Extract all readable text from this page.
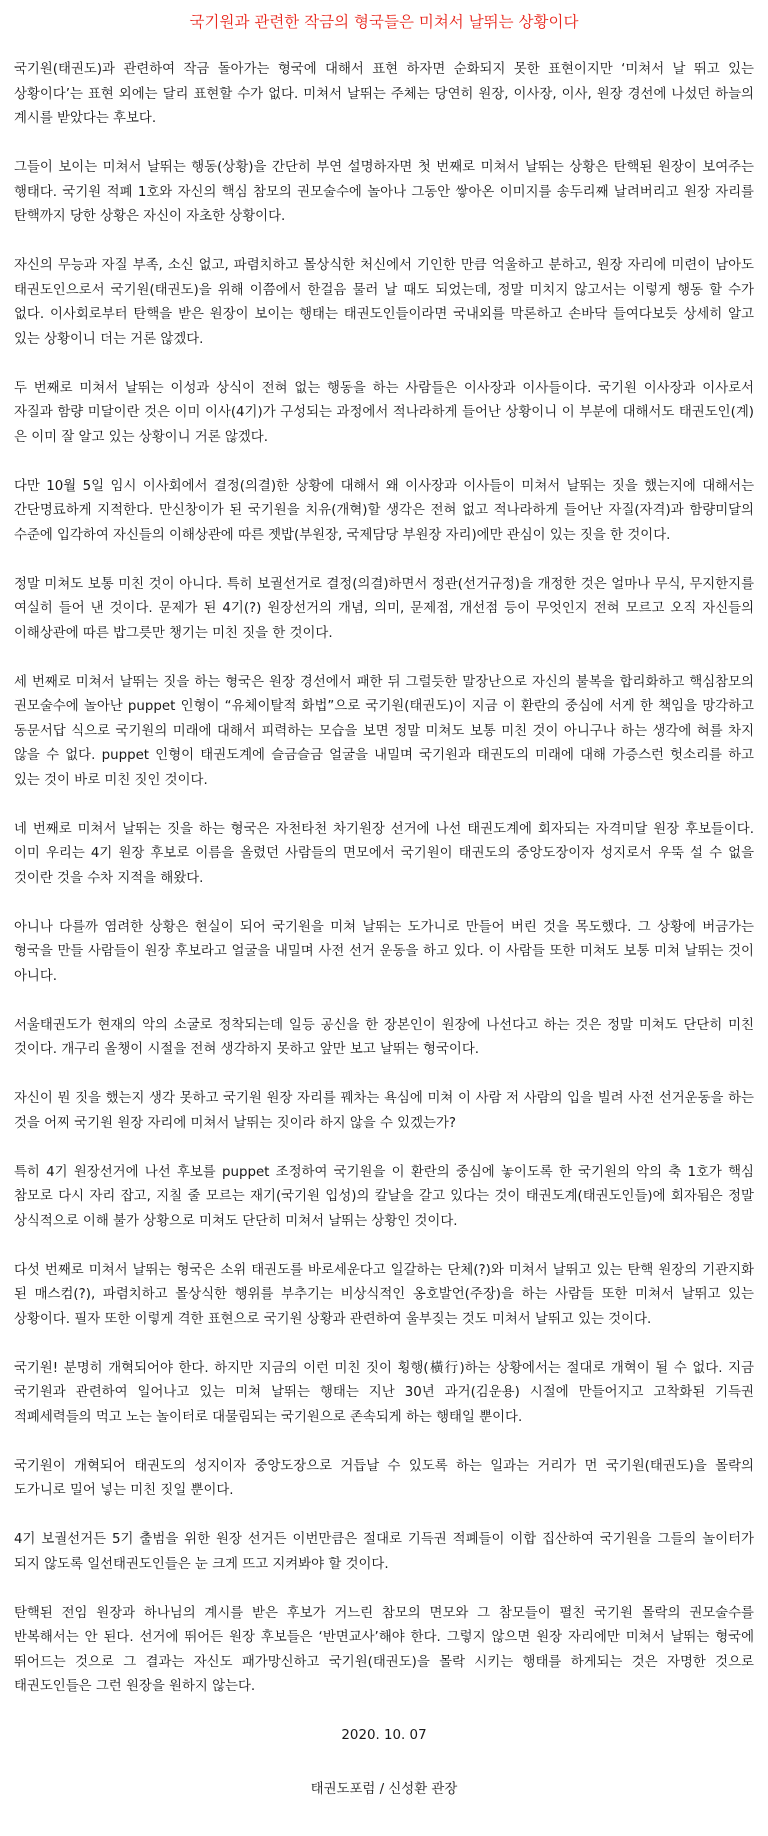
국기원과 관련한 작금의 형국들은 미쳐서 날뛰는 상황이다

국기원(태권도)과 관련하여 작금 돌아가는 형국에 대해서 표현 하자면 순화되지 못한 표현이지만 ‘미쳐서 날 뛰고 있는 상황이다’는 표현 외에는 달리 표현할 수가 없다. 미쳐서 날뛰는 주체는 당연히 원장, 이사장, 이사, 원장 경선에 나섰던 하늘의 계시를 받았다는 후보다.

그들이 보이는 미쳐서 날뛰는 행동(상황)을 간단히 부연 설명하자면 첫 번째로 미쳐서 날뛰는 상황은 탄핵된 원장이 보여주는 행태다. 국기원 적폐 1호와 자신의 핵심 참모의 권모술수에 놀아나 그동안 쌓아온 이미지를 송두리째 날려버리고 원장 자리를 탄핵까지 당한 상황은 자신이 자초한 상황이다.

자신의 무능과 자질 부족, 소신 없고, 파렴치하고 몰상식한 처신에서 기인한 만큼 억울하고 분하고, 원장 자리에 미련이 남아도 태권도인으로서 국기원(태권도)을 위해 이쯤에서 한걸음 물러 날 때도 되었는데, 정말 미치지 않고서는 이렇게 행동 할 수가 없다. 이사회로부터 탄핵을 받은 원장이 보이는 행태는 태권도인들이라면 국내외를 막론하고 손바닥 들여다보듯 상세히 알고 있는 상황이니 더는 거론 않겠다.

두 번째로 미쳐서 날뛰는 이성과 상식이 전혀 없는 행동을 하는 사람들은 이사장과 이사들이다. 국기원 이사장과 이사로서 자질과 함량 미달이란 것은 이미 이사(4기)가 구성되는 과정에서 적나라하게 들어난 상황이니 이 부분에 대해서도 태권도인(계)은 이미 잘 알고 있는 상황이니 거론 않겠다.

다만 10월 5일 임시 이사회에서 결정(의결)한 상황에 대해서 왜 이사장과 이사들이 미쳐서 날뛰는 짓을 했는지에 대해서는 간단명료하게 지적한다. 만신창이가 된 국기원을 치유(개혁)할 생각은 전혀 없고 적나라하게 들어난 자질(자격)과 함량미달의 수준에 입각하여 자신들의 이해상관에 따른 젯밥(부원장, 국제담당 부원장 자리)에만 관심이 있는 짓을 한 것이다.

정말 미쳐도 보통 미친 것이 아니다. 특히 보궐선거로 결정(의결)하면서 정관(선거규정)을 개정한 것은 얼마나 무식, 무지한지를 여실히 들어 낸 것이다. 문제가 된 4기(?) 원장선거의 개념, 의미, 문제점, 개선점 등이 무엇인지 전혀 모르고 오직 자신들의 이해상관에 따른 밥그릇만 챙기는 미친 짓을 한 것이다.

세 번째로 미쳐서 날뛰는 짓을 하는 형국은 원장 경선에서 패한 뒤 그럴듯한 말장난으로 자신의 불복을 합리화하고 핵심참모의 권모술수에 놀아난 puppet 인형이 “유체이탈적 화법”으로 국기원(태권도)이 지금 이 환란의 중심에 서게 한 책임을 망각하고 동문서답 식으로 국기원의 미래에 대해서 피력하는 모습을 보면 정말 미쳐도 보통 미친 것이 아니구나 하는 생각에 혀를 차지 않을 수 없다. puppet 인형이 태권도계에 슬금슬금 얼굴을 내밀며 국기원과 태권도의 미래에 대해 가증스런 헛소리를 하고 있는 것이 바로 미친 짓인 것이다.

네 번째로 미쳐서 날뛰는 짓을 하는 형국은 자천타천 차기원장 선거에 나선 태권도계에 회자되는 자격미달 원장 후보들이다. 이미 우리는 4기 원장 후보로 이름을 올렸던 사람들의 면모에서 국기원이 태권도의 중앙도장이자 성지로서 우뚝 설 수 없을 것이란 것을 수차 지적을 해왔다.

아니나 다를까 염려한 상황은 현실이 되어 국기원을 미쳐 날뛰는 도가니로 만들어 버린 것을 목도했다. 그 상황에 버금가는 형국을 만들 사람들이 원장 후보라고 얼굴을 내밀며 사전 선거 운동을 하고 있다. 이 사람들 또한 미쳐도 보통 미쳐 날뛰는 것이 아니다.

서울태권도가 현재의 악의 소굴로 정착되는데 일등 공신을 한 장본인이 원장에 나선다고 하는 것은 정말 미쳐도 단단히 미친 것이다. 개구리 올챙이 시절을 전혀 생각하지 못하고 앞만 보고 날뛰는 형국이다.

자신이 뭔 짓을 했는지 생각 못하고 국기원 원장 자리를 꿰차는 욕심에 미쳐 이 사람 저 사람의 입을 빌려 사전 선거운동을 하는 것을 어찌 국기원 원장 자리에 미쳐서 날뛰는 짓이라 하지 않을 수 있겠는가?

특히 4기 원장선거에 나선 후보를 puppet 조정하여 국기원을 이 환란의 중심에 놓이도록 한 국기원의 악의 축 1호가 핵심 참모로 다시 자리 잡고, 지칠 줄 모르는 재기(국기원 입성)의 칼날을 갈고 있다는 것이 태권도계(태권도인들)에 회자됨은 정말 상식적으로 이해 불가 상황으로 미쳐도 단단히 미쳐서 날뛰는 상황인 것이다.

다섯 번째로 미쳐서 날뛰는 형국은 소위 태권도를 바로세운다고 일갈하는 단체(?)와 미쳐서 날뛰고 있는 탄핵 원장의 기관지화 된 매스컴(?), 파렴치하고 몰상식한 행위를 부추기는 비상식적인 옹호발언(주장)을 하는 사람들 또한 미쳐서 날뛰고 있는 상황이다. 필자 또한 이렇게 격한 표현으로 국기원 상황과 관련하여 울부짖는 것도 미쳐서 날뛰고 있는 것이다.

국기원! 분명히 개혁되어야 한다. 하지만 지금의 이런 미친 짓이 횡행(橫行)하는 상황에서는 절대로 개혁이 될 수 없다. 지금 국기원과 관련하여 일어나고 있는 미쳐 날뛰는 행태는 지난 30년 과거(김운용) 시절에 만들어지고 고착화된 기득권 적폐세력들의 먹고 노는 놀이터로 대물림되는 국기원으로 존속되게 하는 행태일 뿐이다.

국기원이 개혁되어 태권도의 성지이자 중앙도장으로 거듭날 수 있도록 하는 일과는 거리가 먼 국기원(태권도)을 몰락의 도가니로 밀어 넣는 미친 짓일 뿐이다.

4기 보궐선거든 5기 출범을 위한 원장 선거든 이번만큼은 절대로 기득권 적폐들이 이합 집산하여 국기원을 그들의 놀이터가 되지 않도록 일선태권도인들은 눈 크게 뜨고 지켜봐야 할 것이다.

탄핵된 전임 원장과 하나님의 계시를 받은 후보가 거느린 참모의 면모와 그 참모들이 펼친 국기원 몰락의 권모술수를 반복해서는 안 된다. 선거에 뛰어든 원장 후보들은 ‘반면교사’해야 한다. 그렇지 않으면 원장 자리에만 미쳐서 날뛰는 형국에 뛰어드는 것으로 그 결과는 자신도 패가망신하고 국기원(태권도)을 몰락 시키는 행태를 하게되는 것은 자명한 것으로 태권도인들은 그런 원장을 원하지 않는다.

2020. 10. 07
태권도포럼 / 신성환 관장
